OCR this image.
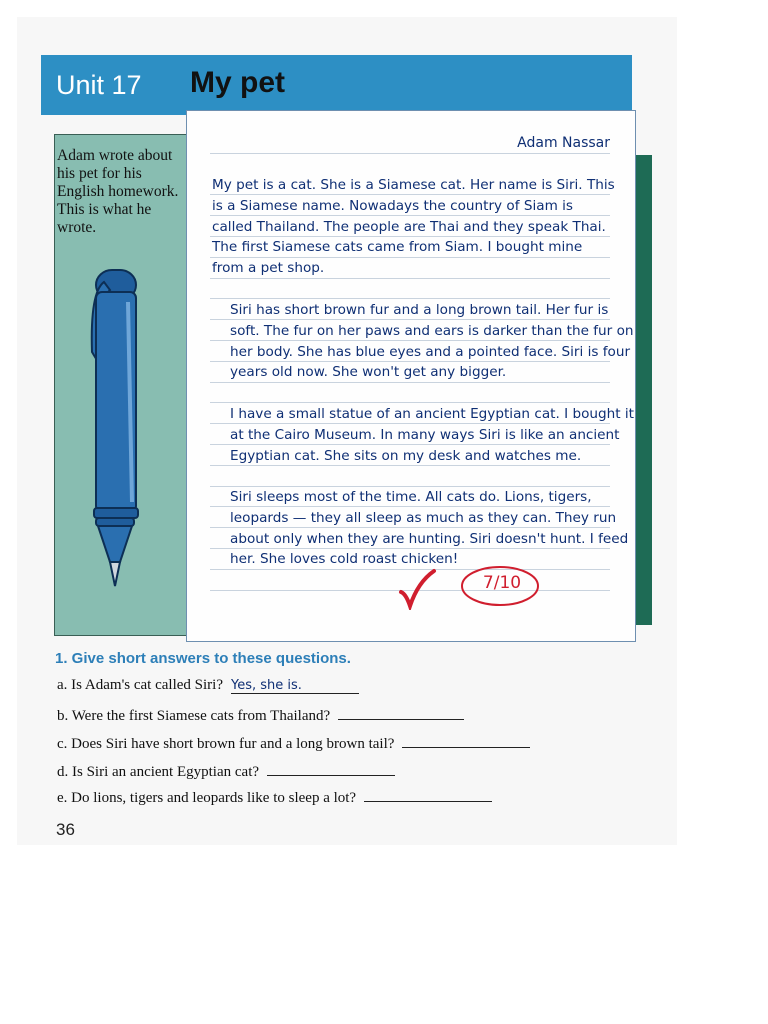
Unit 17 My pet
Adam wrote about his pet for his English homework. This is what he wrote.
Adam Nassar

My pet is a cat. She is a Siamese cat. Her name is Siri. This is a Siamese name. Nowadays the country of Siam is called Thailand. The people are Thai and they speak Thai. The first Siamese cats came from Siam. I bought mine from a pet shop.

Siri has short brown fur and a long brown tail. Her fur is soft. The fur on her paws and ears is darker than the fur on her body. She has blue eyes and a pointed face. Siri is four years old now. She won't get any bigger.

I have a small statue of an ancient Egyptian cat. I bought it at the Cairo Museum. In many ways Siri is like an ancient Egyptian cat. She sits on my desk and watches me.

Siri sleeps most of the time. All cats do. Lions, tigers, leopards — they all sleep as much as they can. They run about only when they are hunting. Siri doesn't hunt. I feed her. She loves cold roast chicken!

7/10
1. Give short answers to these questions.
a. Is Adam's cat called Siri? Yes, she is.
b. Were the first Siamese cats from Thailand?
c. Does Siri have short brown fur and a long brown tail?
d. Is Siri an ancient Egyptian cat?
e. Do lions, tigers and leopards like to sleep a lot?
36
